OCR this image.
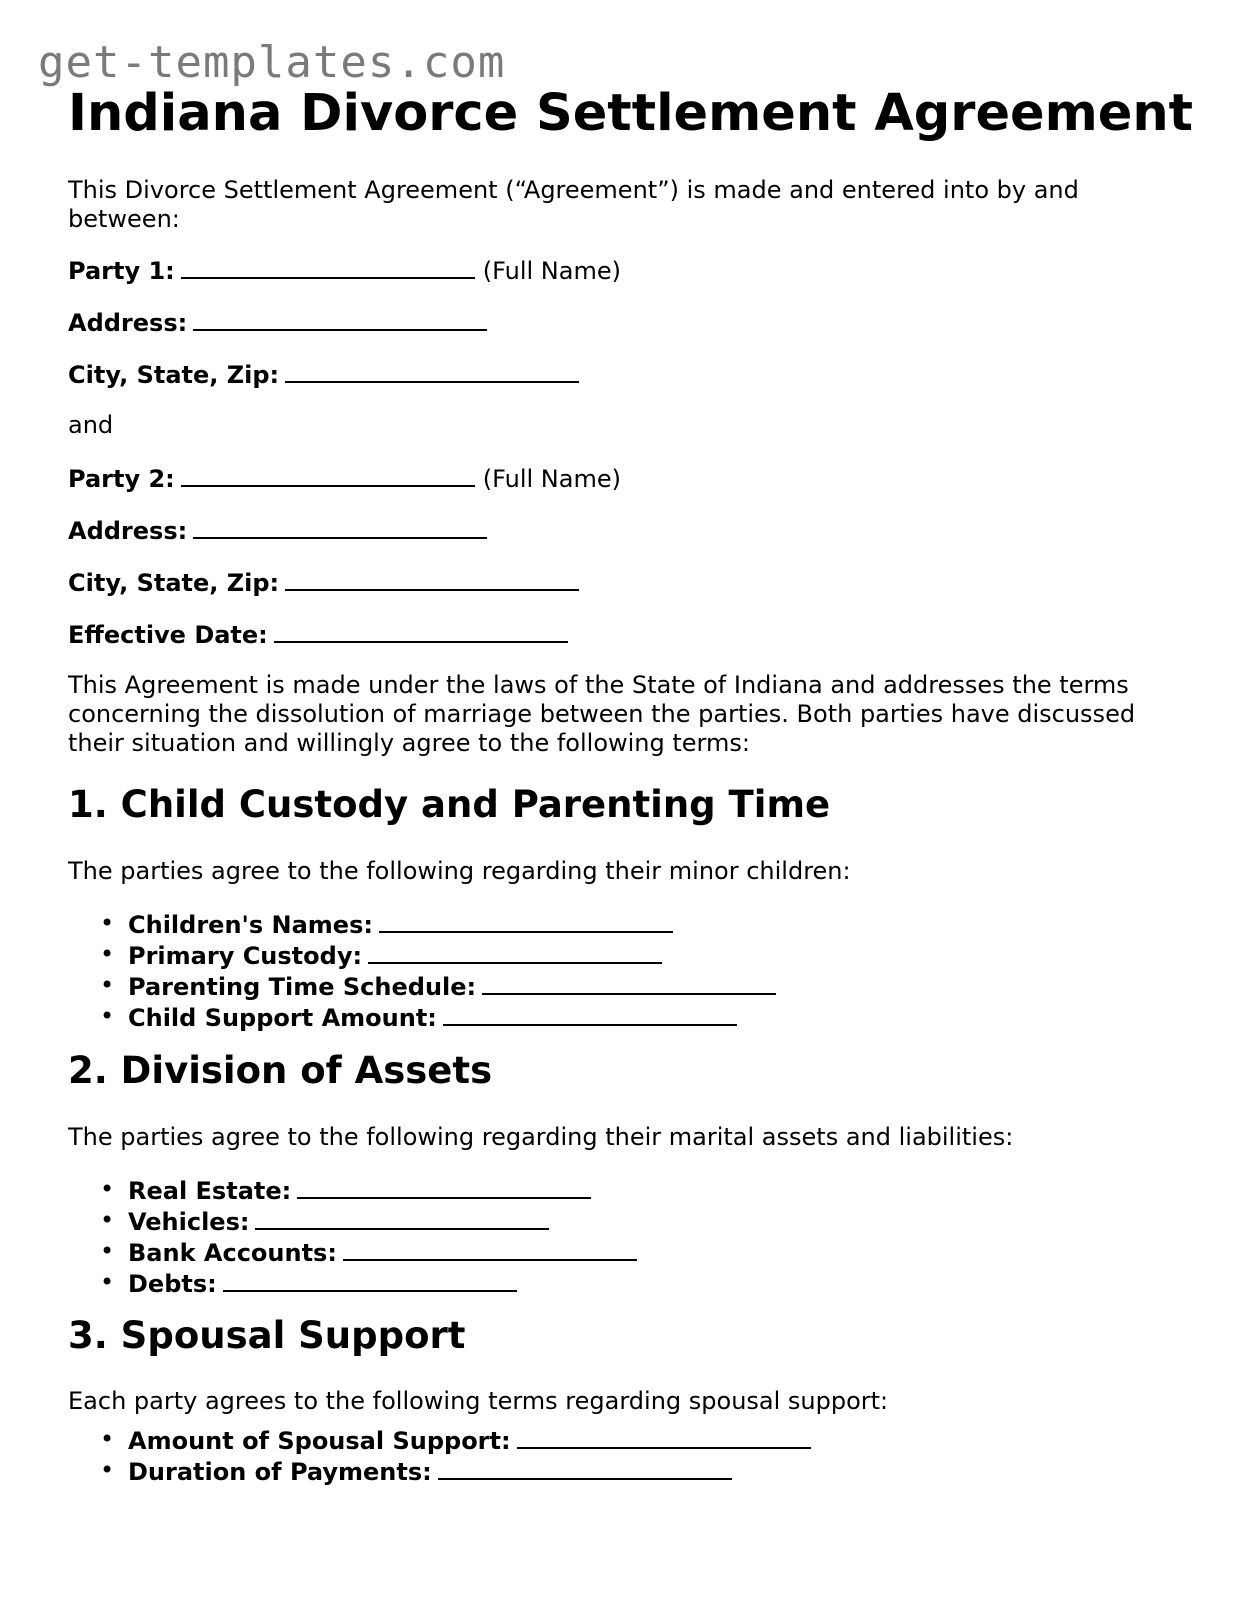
get-templates.com
Indiana Divorce Settlement Agreement

This Divorce Settlement Agreement (“Agreement”) is made and entered into by and between:

Party 1:	(Full Name)

Address:

City, State, Zip:

and

Party 2:	(Full Name)

Address:

City, State, Zip:

Effective Date:

This Agreement is made under the laws of the State of Indiana and addresses the terms concerning the dissolution of marriage between the parties. Both parties have discussed their situation and willingly agree to the following terms:

1. Child Custody and Parenting Time

The parties agree to the following regarding their minor children:

• Children's Names:
• Primary Custody:
• Parenting Time Schedule:
• Child Support Amount:
2. Division of Assets

The parties agree to the following regarding their marital assets and liabilities:

• Real Estate:
• Vehicles:
• Bank Accounts:
• Debts:
3. Spousal Support

Each party agrees to the following terms regarding spousal support:

• Amount of Spousal Support:
• Duration of Payments:
